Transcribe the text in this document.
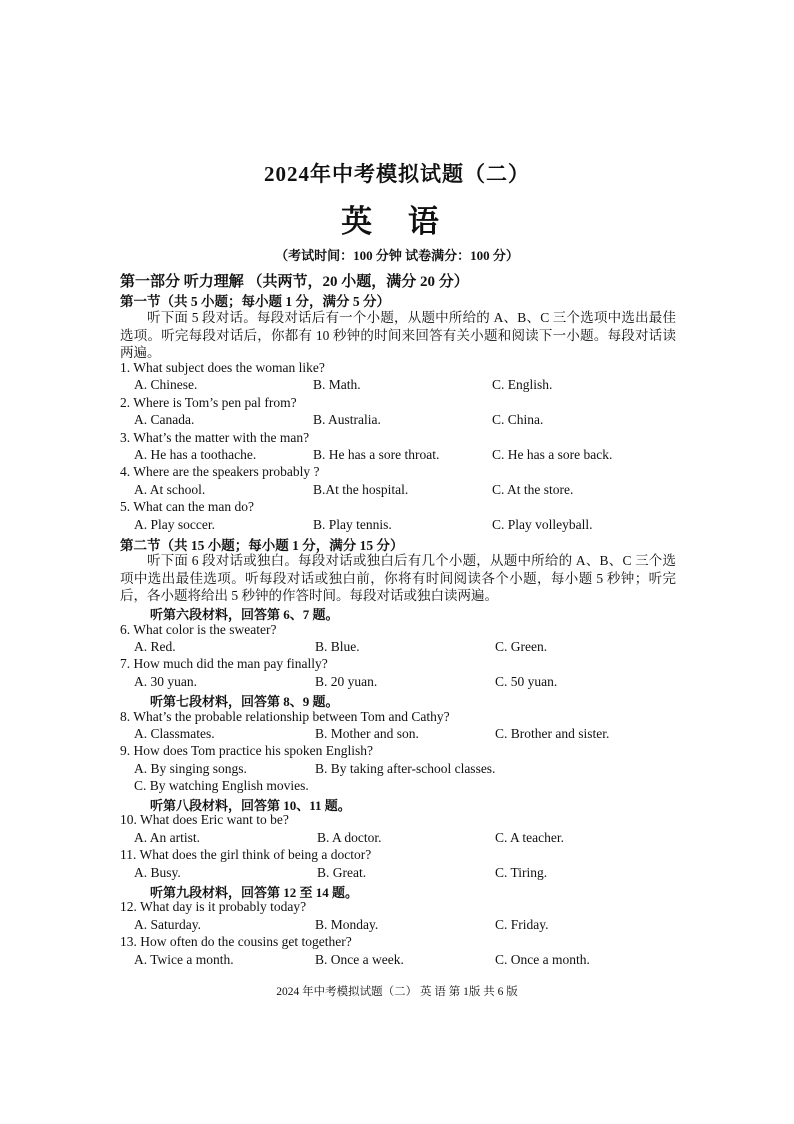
2024年中考模拟试题（二）
英 语
（考试时间：100 分钟 试卷满分：100 分）
第一部分 听力理解 （共两节，20 小题，满分 20 分）
第一节（共 5 小题；每小题 1 分，满分 5 分）
听下面 5 段对话。每段对话后有一个小题，从题中所给的 A、B、C 三个选项中选出最佳选项。听完每段对话后，你都有 10 秒钟的时间来回答有关小题和阅读下一小题。每段对话读两遍。
1. What subject does the woman like?
A. Chinese.	B. Math.	C. English.
2. Where is Tom’s pen pal from?
A. Canada.	B. Australia.	C. China.
3. What’s the matter with the man?
A. He has a toothache.	B. He has a sore throat.	C. He has a sore back.
4. Where are the speakers probably ?
A. At school.	B.At the hospital.	C. At the store.
5. What can the man do?
A. Play soccer.	B. Play tennis.	C. Play volleyball.
第二节（共 15 小题；每小题 1 分，满分 15 分）
听下面 6 段对话或独白。每段对话或独白后有几个小题，从题中所给的 A、B、C 三个选项中选出最佳选项。听每段对话或独白前，你将有时间阅读各个小题，每小题 5 秒钟；听完后，各小题将给出 5 秒钟的作答时间。每段对话或独白读两遍。
听第六段材料，回答第 6、7 题。
6. What color is the sweater?
A. Red.	B. Blue.	C. Green.
7. How much did the man pay finally?
A. 30 yuan.	B. 20 yuan.	C. 50 yuan.
听第七段材料，回答第 8、9 题。
8. What’s the probable relationship between Tom and Cathy?
A. Classmates.	B. Mother and son.	C. Brother and sister.
9. How does Tom practice his spoken English?
A. By singing songs.	B. By taking after-school classes.
C. By watching English movies.
听第八段材料，回答第 10、11 题。
10. What does Eric want to be?
A. An artist.	B. A doctor.	C. A teacher.
11. What does the girl think of being a doctor?
A. Busy.	B. Great.	C. Tiring.
听第九段材料，回答第 12 至 14 题。
12. What day is it probably today?
A. Saturday.	B. Monday.	C. Friday.
13. How often do the cousins get together?
A. Twice a month.	B. Once a week.	C. Once a month.
2024 年中考模拟试题（二） 英 语 第 1版 共 6 版
